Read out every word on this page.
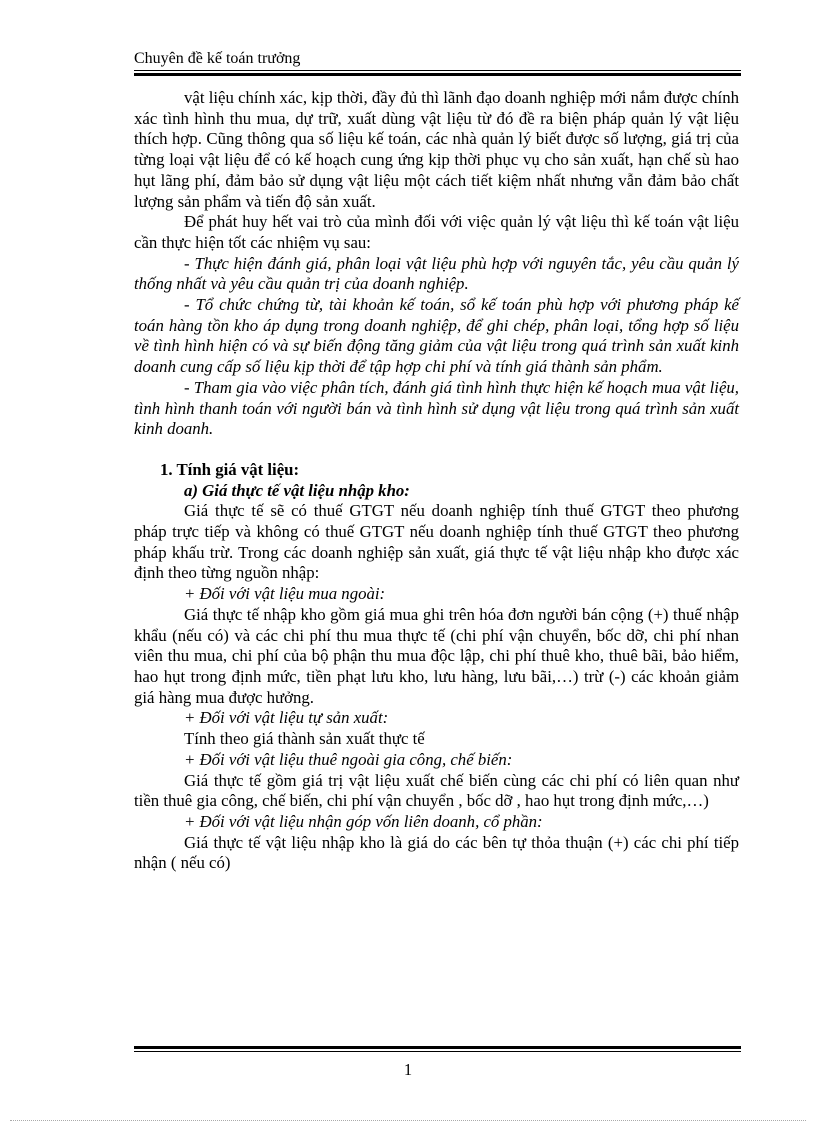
Chuyên đề kế toán trưởng

vật liệu chính xác, kịp thời, đầy đủ thì lãnh đạo doanh nghiệp mới nắm được chính xác tình hình thu mua, dự trữ, xuất dùng vật liệu từ đó đề ra biện pháp quản lý vật liệu thích hợp. Cũng thông qua số liệu kế toán, các nhà quản lý biết được số lượng, giá trị của từng loại vật liệu để có kế hoạch cung ứng kịp thời phục vụ cho sản xuất, hạn chế sù hao hụt lãng phí, đảm bảo sử dụng vật liệu một cách tiết kiệm nhất nhưng vẫn đảm bảo chất lượng sản phẩm và tiến độ sản xuất.

Để phát huy hết vai trò của mình đối với việc quản lý vật liệu thì kế toán vật liệu cần thực hiện tốt các nhiệm vụ sau:

- Thực hiện đánh giá, phân loại vật liệu phù hợp với nguyên tắc, yêu cầu quản lý thống nhất và yêu cầu quản trị của doanh nghiệp.

- Tổ chức chứng từ, tài khoản kế toán, sổ kế toán phù hợp với phương pháp kế toán hàng tồn kho áp dụng trong doanh nghiệp, để ghi chép, phân loại, tổng hợp số liệu về tình hình hiện có và sự biến động tăng giảm của vật liệu trong quá trình sản xuất kinh doanh cung cấp số liệu kịp thời để tập hợp chi phí và tính giá thành sản phẩm.

- Tham gia vào việc phân tích, đánh giá tình hình thực hiện kế hoạch mua vật liệu, tình hình thanh toán với người bán và tình hình sử dụng vật liệu trong quá trình sản xuất kinh doanh.

1. Tính giá vật liệu:

a) Giá thực tế vật liệu nhập kho:

Giá thực tế sẽ có thuế GTGT nếu doanh nghiệp tính thuế GTGT theo phương pháp trực tiếp và không có thuế GTGT nếu doanh nghiệp tính thuế GTGT theo phương pháp khấu trừ. Trong các doanh nghiệp sản xuất, giá thực tế vật liệu nhập kho được xác định theo từng nguồn nhập:

+ Đối với vật liệu mua ngoài:

Giá thực tế nhập kho gồm giá mua ghi trên hóa đơn người bán cộng (+) thuế nhập khẩu (nếu có) và các chi phí thu mua thực tế (chi phí vận chuyển, bốc dỡ, chi phí nhan viên thu mua, chi phí của bộ phận thu mua độc lập, chi phí thuê kho, thuê bãi, bảo hiểm, hao hụt trong định mức, tiền phạt lưu kho, lưu hàng, lưu bãi,…) trừ (-) các khoản giảm giá hàng mua được hưởng.

+ Đối với vật liệu tự sản xuất:

Tính theo giá thành sản xuất thực tế

+ Đối với vật liệu thuê ngoài gia công, chế biến:

Giá thực tế gồm giá trị vật liệu xuất chế biến cùng các chi phí có liên quan như tiền thuê gia công, chế biến, chi phí vận chuyển , bốc dỡ , hao hụt trong định mức,…)

+ Đối với vật liệu nhận góp vốn liên doanh, cổ phần:

Giá thực tế vật liệu nhập kho là giá do các bên tự thỏa thuận (+) các chi phí tiếp nhận ( nếu có)

1
